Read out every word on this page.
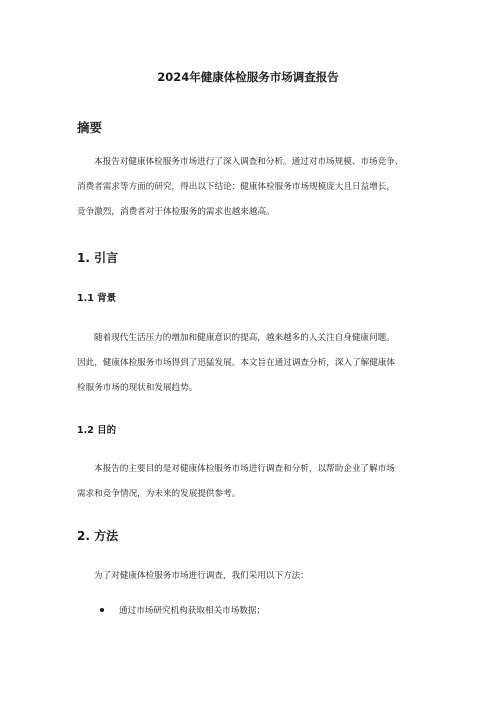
2024年健康体检服务市场调查报告
摘要
本报告对健康体检服务市场进行了深入调查和分析。通过对市场规模、市场竞争、
消费者需求等方面的研究，得出以下结论：健康体检服务市场规模庞大且日益增长，
竞争激烈，消费者对于体检服务的需求也越来越高。
1. 引言
1.1 背景
随着现代生活压力的增加和健康意识的提高，越来越多的人关注自身健康问题。
因此，健康体检服务市场得到了迅猛发展。本文旨在通过调查分析，深入了解健康体
检服务市场的现状和发展趋势。
1.2 目的
本报告的主要目的是对健康体检服务市场进行调查和分析，以帮助企业了解市场
需求和竞争情况，为未来的发展提供参考。
2. 方法
为了对健康体检服务市场进行调查，我们采用以下方法：
通过市场研究机构获取相关市场数据；
